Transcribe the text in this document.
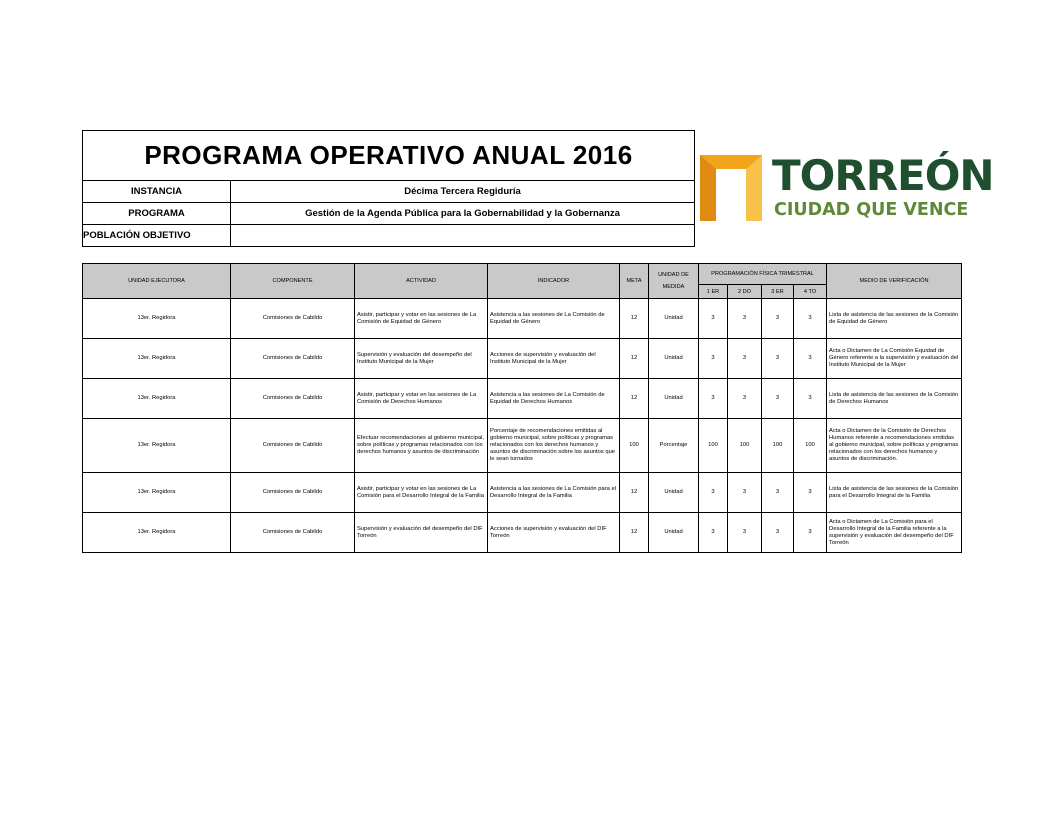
PROGRAMA OPERATIVO ANUAL 2016	
INSTANCIA	Décima Tercera Regiduría
PROGRAMA	Gestión de la Agenda Pública para la Gobernabilidad y la Gobernanza
POBLACIÓN OBJETIVO	
TORREÓN
CIUDAD QUE VENCE
UNIDAD EJECUTORA	COMPONENTE	ACTIVIDAD	INDICADOR	META	UNIDAD DE MEDIDA	PROGRAMACIÓN FÍSICA TRIMESTRAL				MEDIO DE VERIFICACIÓN
						1 ER	2 DO	3 ER	4 TO	
13er. Regidora	Comisiones de Cabildo	Asistir, participar y votar en las sesiones de La Comisión de Equidad de Género	Asistencia a las sesiones de La Comisión de Equidad de Género	12	Unidad	3	3	3	3	Lista de asistencia de las sesiones de la Comisión de Equidad de Género
13er. Regidora	Comisiones de Cabildo	Supervisión y evaluación del desempeño del Instituto Municipal de la Mujer	Acciones de supervisión y evaluación del Instituto Municipal de la Mujer	12	Unidad	3	3	3	3	Acta o Dictamen de La Comisión Equidad de Género referente a la supervisión y evaluación del Instituto Municipal de la Mujer
13er. Regidora	Comisiones de Cabildo	Asistir, participar y votar en las sesiones de La Comisión de Derechos Humanos	Asistencia a las sesiones de La Comisión de Equidad de Derechos Humanos	12	Unidad	3	3	3	3	Lista de asistencia de las sesiones de la Comisión de Derechos Humanos
13er. Regidora	Comisiones de Cabildo	Efectuar recomendaciones al gobierno municipal, sobre políticas y programas relacionados con los derechos humanos y asuntos de discriminación	Porcentaje de recomendaciones emitidas al gobierno municipal, sobre políticas y programas relacionados con los derechos humanos y asuntos de discriminación sobre los asuntos que le sean turnados	100	Porcentaje	100	100	100	100	Acta o Dictamen de la Comisión de Derechos Humanos referente a recomendaciones emitidas al gobierno municipal, sobre políticas y programas relacionados con los derechos humanos y asuntos de discriminación.
13er. Regidora	Comisiones de Cabildo	Asistir, participar y votar en las sesiones de La Comisión para el Desarrollo Integral de la Familia	Asistencia a las sesiones de La Comisión para el Desarrollo Integral de la Familia	12	Unidad	3	3	3	3	Lista de asistencia de las sesiones de la Comisión para el Desarrollo Integral de la Familia
13er. Regidora	Comisiones de Cabildo	Supervisión y evaluación del desempeño del DIF Torreón	Acciones de supervisión y evaluación del DIF Torreón	12	Unidad	3	3	3	3	Acta o Dictamen de La Comisión para el Desarrollo Integral de la Familia referente a la supervisión y evaluación del desempeño del DIF Torreón
